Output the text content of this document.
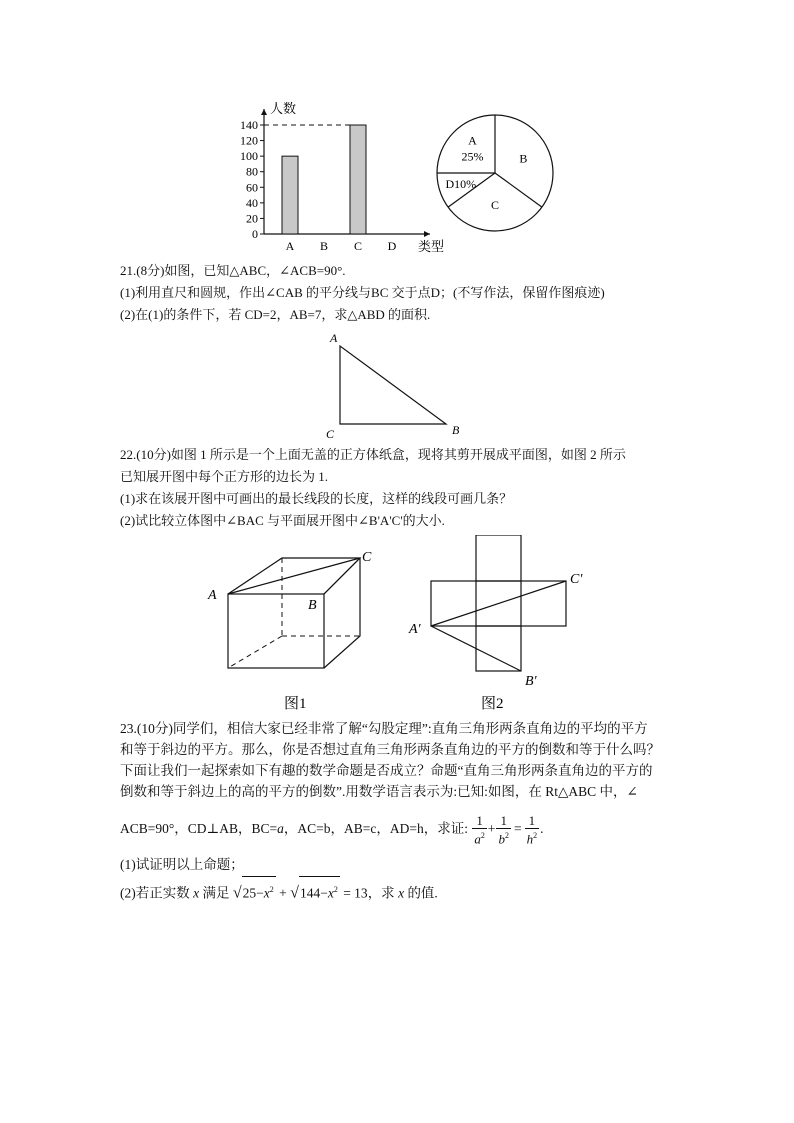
0
20
40
60
80
100
120
140
人数
类型
A B C D
A
25%	B
C
D10%
21.(8分)如图，已知△ABC，∠ACB=90°.
(1)利用直尺和圆规，作出∠CAB 的平分线与BC 交于点D；(不写作法，保留作图痕迹)
(2)在(1)的条件下，若 CD=2，AB=7，求△ABD 的面积.
A
C	B
22.(10分)如图 1 所示是一个上面无盖的正方体纸盒，现将其剪开展成平面图，如图 2 所示
已知展开图中每个正方形的边长为 1.
(1)求在该展开图中可画出的最长线段的长度，这样的线段可画几条？
(2)试比较立体图中∠BAC 与平面展开图中∠B'A'C'的大小.
A
B
C
图1
A′
C′
B′
图2
23.(10分)同学们，相信大家已经非常了解“勾股定理”:直角三角形两条直角边的平均的平方
和等于斜边的平方。那么，你是否想过直角三角形两条直角边的平方的倒数和等于什么吗？
下面让我们一起探索如下有趣的数学命题是否成立？命题“直角三角形两条直角边的平方的
倒数和等于斜边上的高的平方的倒数”.用数学语言表示为:已知:如图，在 Rt△ABC 中，∠
ACB=90°，CD⊥AB，BC=a，AC=b，AB=c，AD=h，求证: $\frac{1}{a^2} + \frac{1}{b^2} = \frac{1}{h^2}$ .
(1)试证明以上命题；
(2)若正实数 x 满足 $√25-x^2 + √144-x^2 = 13$，求 x 的值.
